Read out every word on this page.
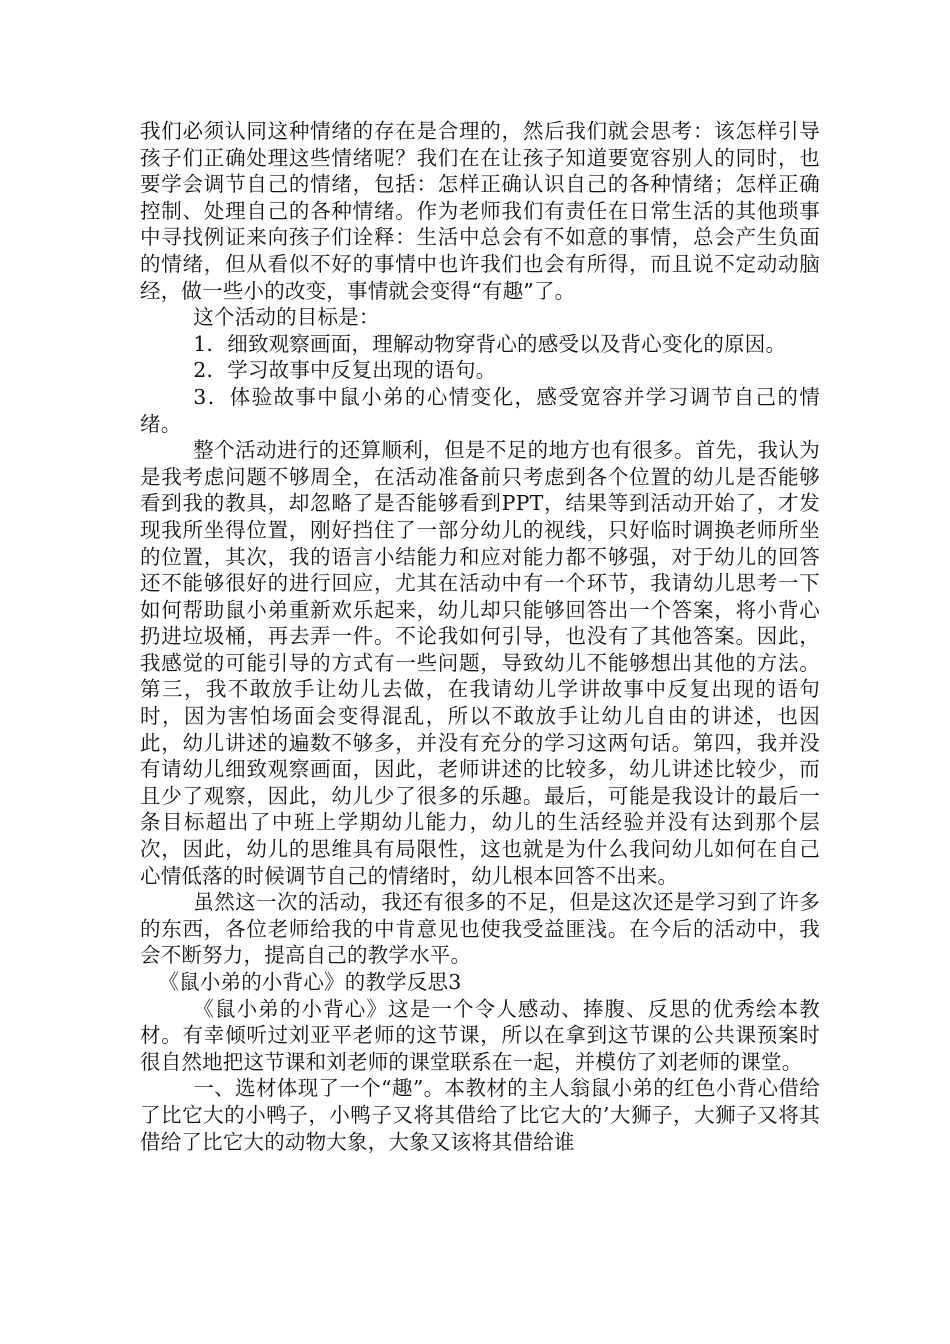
我们必须认同这种情绪的存在是合理的，然后我们就会思考：该怎样引导孩子们正确处理这些情绪呢？我们在在让孩子知道要宽容别人的同时，也要学会调节自己的情绪，包括：怎样正确认识自己的各种情绪；怎样正确控制、处理自己的各种情绪。作为老师我们有责任在日常生活的其他琐事中寻找例证来向孩子们诠释：生活中总会有不如意的事情，总会产生负面的情绪，但从看似不好的事情中也许我们也会有所得，而且说不定动动脑经，做一些小的改变，事情就会变得“有趣”了。

这个活动的目标是：

1．细致观察画面，理解动物穿背心的感受以及背心变化的原因。

2．学习故事中反复出现的语句。

3．体验故事中鼠小弟的心情变化，感受宽容并学习调节自己的情绪。

整个活动进行的还算顺利，但是不足的地方也有很多。首先，我认为是我考虑问题不够周全，在活动准备前只考虑到各个位置的幼儿是否能够看到我的教具，却忽略了是否能够看到PPT，结果等到活动开始了，才发现我所坐得位置，刚好挡住了一部分幼儿的视线，只好临时调换老师所坐的位置，其次，我的语言小结能力和应对能力都不够强，对于幼儿的回答还不能够很好的进行回应，尤其在活动中有一个环节，我请幼儿思考一下如何帮助鼠小弟重新欢乐起来，幼儿却只能够回答出一个答案，将小背心扔进垃圾桶，再去弄一件。不论我如何引导，也没有了其他答案。因此，我感觉的可能引导的方式有一些问题，导致幼儿不能够想出其他的方法。第三，我不敢放手让幼儿去做，在我请幼儿学讲故事中反复出现的语句时，因为害怕场面会变得混乱，所以不敢放手让幼儿自由的讲述，也因此，幼儿讲述的遍数不够多，并没有充分的学习这两句话。第四，我并没有请幼儿细致观察画面，因此，老师讲述的比较多，幼儿讲述比较少，而且少了观察，因此，幼儿少了很多的乐趣。最后，可能是我设计的最后一条目标超出了中班上学期幼儿能力，幼儿的生活经验并没有达到那个层次，因此，幼儿的思维具有局限性，这也就是为什么我问幼儿如何在自己心情低落的时候调节自己的情绪时，幼儿根本回答不出来。

虽然这一次的活动，我还有很多的不足，但是这次还是学习到了许多的东西，各位老师给我的中肯意见也使我受益匪浅。在今后的活动中，我会不断努力，提高自己的教学水平。

《鼠小弟的小背心》的教学反思3

《鼠小弟的小背心》这是一个令人感动、捧腹、反思的优秀绘本教材。有幸倾听过刘亚平老师的这节课，所以在拿到这节课的公共课预案时很自然地把这节课和刘老师的课堂联系在一起，并模仿了刘老师的课堂。

一、选材体现了一个“趣”。本教材的主人翁鼠小弟的红色小背心借给了比它大的小鸭子，小鸭子又将其借给了比它大的’大狮子，大狮子又将其借给了比它大的动物大象，大象又该将其借给谁
